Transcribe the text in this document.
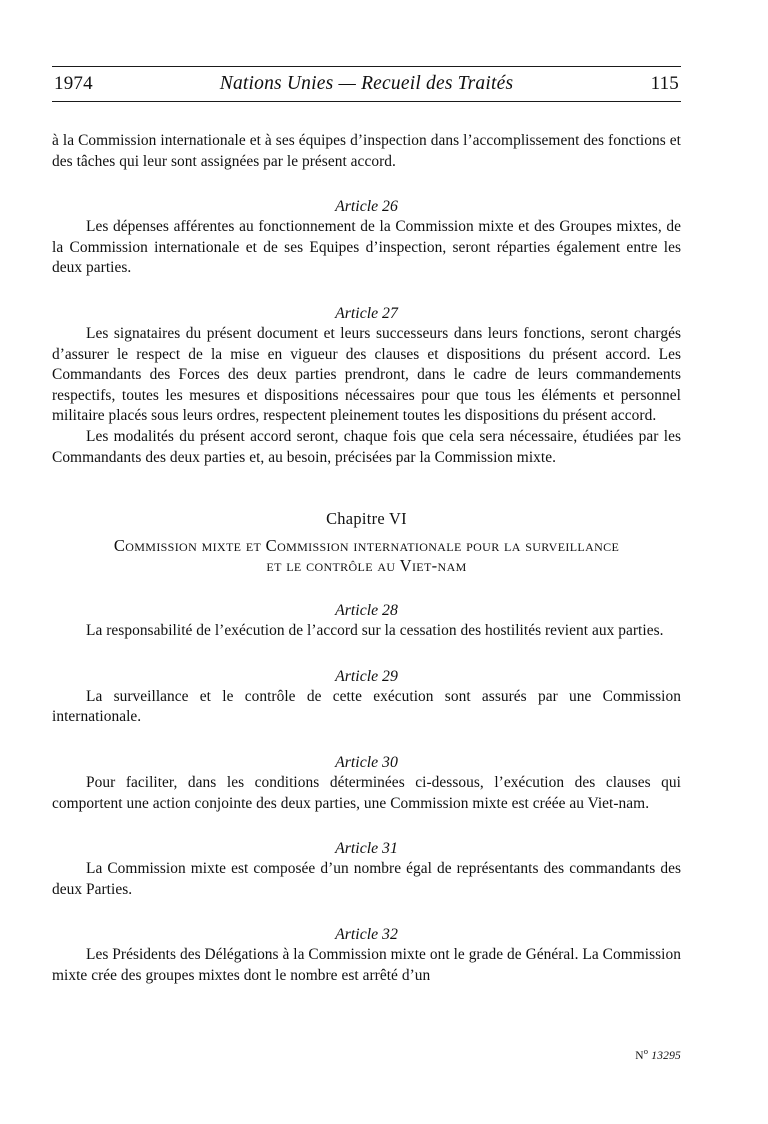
1974	Nations Unies — Recueil des Traités	115

à la Commission internationale et à ses équipes d’inspection dans l’accomplissement des fonctions et des tâches qui leur sont assignées par le présent accord.

Article 26

Les dépenses afférentes au fonctionnement de la Commission mixte et des Groupes mixtes, de la Commission internationale et de ses Equipes d’inspection, seront réparties également entre les deux parties.

Article 27

Les signataires du présent document et leurs successeurs dans leurs fonctions, seront chargés d’assurer le respect de la mise en vigueur des clauses et dispositions du présent accord. Les Commandants des Forces des deux parties prendront, dans le cadre de leurs commandements respectifs, toutes les mesures et dispositions nécessaires pour que tous les éléments et personnel militaire placés sous leurs ordres, respectent pleinement toutes les dispositions du présent accord.

Les modalités du présent accord seront, chaque fois que cela sera nécessaire, étudiées par les Commandants des deux parties et, au besoin, précisées par la Commission mixte.

Chapitre VI
Commission mixte et Commission internationale pour la surveillance
et le contrôle au Viet-nam
Article 28

La responsabilité de l’exécution de l’accord sur la cessation des hostilités revient aux parties.

Article 29

La surveillance et le contrôle de cette exécution sont assurés par une Commission internationale.

Article 30

Pour faciliter, dans les conditions déterminées ci-dessous, l’exécution des clauses qui comportent une action conjointe des deux parties, une Commission mixte est créée au Viet-nam.

Article 31

La Commission mixte est composée d’un nombre égal de représentants des commandants des deux Parties.

Article 32

Les Présidents des Délégations à la Commission mixte ont le grade de Général. La Commission mixte crée des groupes mixtes dont le nombre est arrêté d’un

$N^o$ 13295
